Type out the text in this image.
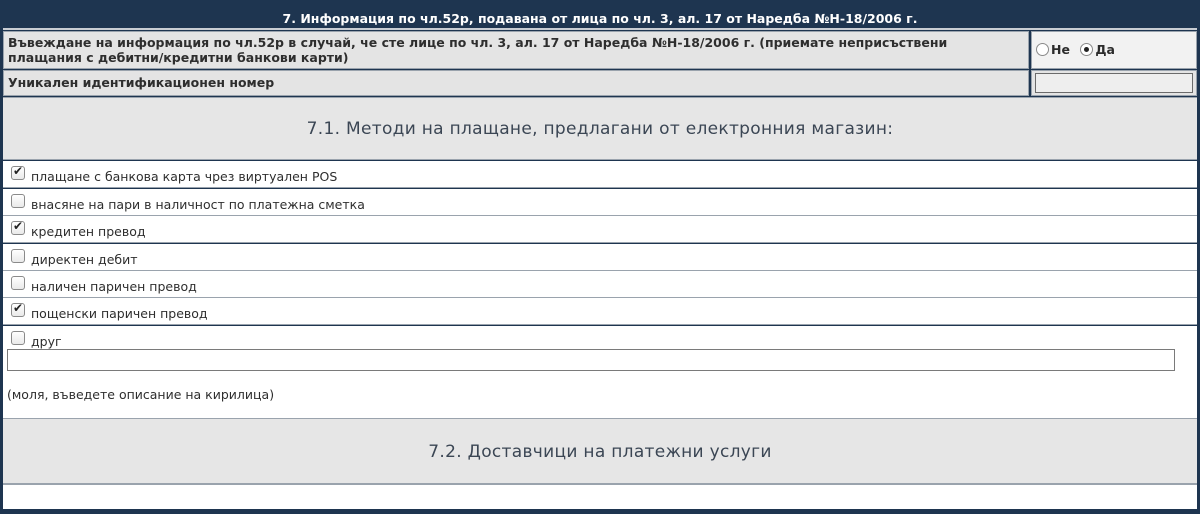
7. Информация по чл.52р, подавана от лица по чл. 3, ал. 17 от Наредба №Н-18/2006 г.
Въвеждане на информация по чл.52р в случай, че сте лице по чл. 3, ал. 17 от Наредба №Н-18/2006 г. (приемате неприсъствени плащания с дебитни/кредитни банкови карти)
Не Да
Уникален идентификационен номер
7.1. Методи на плащане, предлагани от електронния магазин:
✔
плащане с банкова карта чрез виртуален POS
внасяне на пари в наличност по платежна сметка
✔
кредитен превод
директен дебит
наличен паричен превод
✔
пощенски паричен превод
друг
(моля, въведете описание на кирилица)
7.2. Доставчици на платежни услуги
